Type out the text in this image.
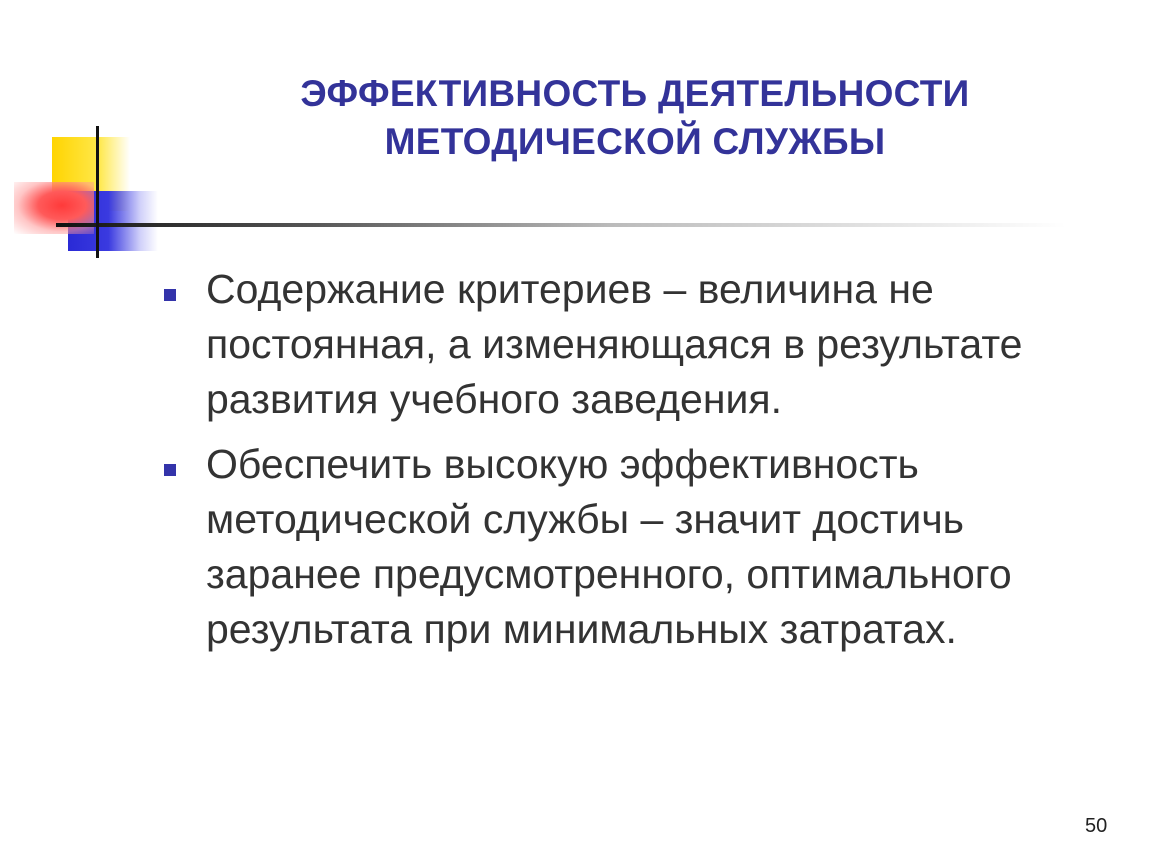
ЭФФЕКТИВНОСТЬ ДЕЯТЕЛЬНОСТИ
МЕТОДИЧЕСКОЙ СЛУЖБЫ
Содержание критериев – величина не постоянная, а изменяющаяся в результате развития учебного заведения.
Обеспечить высокую эффективность методической службы – значит достичь заранее предусмотренного, оптимального результата при минимальных затратах.
50
